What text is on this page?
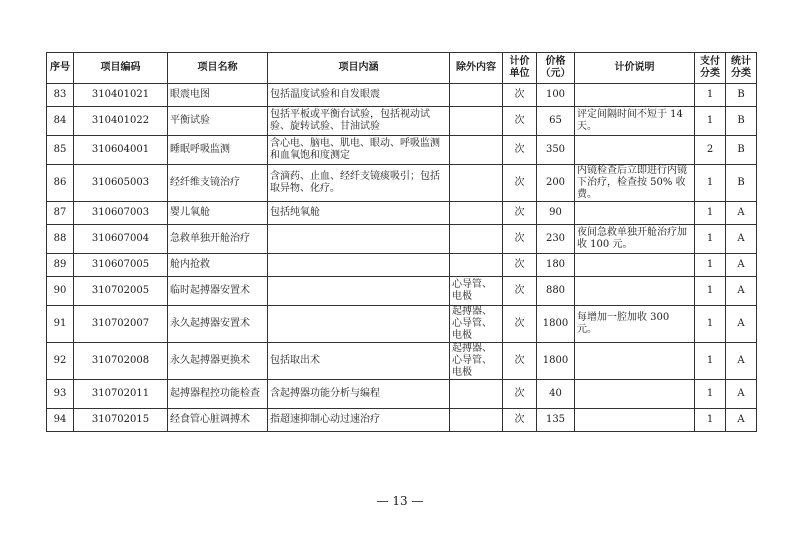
序号	项目编码	项目名称	项目内涵	除外内容	计价单位	价格（元）	计价说明	支付分类	统计分类
83	310401021	眼震电图	包括温度试验和自发眼震		次	100		1	B
84	310401022	平衡试验	包括平板或平衡台试验，包括视动试验、旋转试验、甘油试验		次	65	评定间隔时间不短于 14 天。	1	B
85	310604001	睡眠呼吸监测	含心电、脑电、肌电、眼动、呼吸监测和血氧饱和度测定		次	350		2	B
86	310605003	经纤维支镜治疗	含滴药、止血、经纤支镜痰吸引；包括取异物、化疗。		次	200	内镜检查后立即进行内镜下治疗，检查按 50% 收费。	1	B
87	310607003	婴儿氧舱	包括纯氧舱		次	90		1	A
88	310607004	急救单独开舱治疗			次	230	夜间急救单独开舱治疗加收 100 元。	1	A
89	310607005	舱内抢救			次	180		1	A
90	310702005	临时起搏器安置术		心导管、电极	次	880		1	A
91	310702007	永久起搏器安置术		起搏器、心导管、电极	次	1800	每增加一腔加收 300 元。	1	A
92	310702008	永久起搏器更换术	包括取出术	起搏器、心导管、电极	次	1800		1	A
93	310702011	起搏器程控功能检查	含起搏器功能分析与编程		次	40		1	A
94	310702015	经食管心脏调搏术	指超速抑制心动过速治疗		次	135		1	A
— 13 —
